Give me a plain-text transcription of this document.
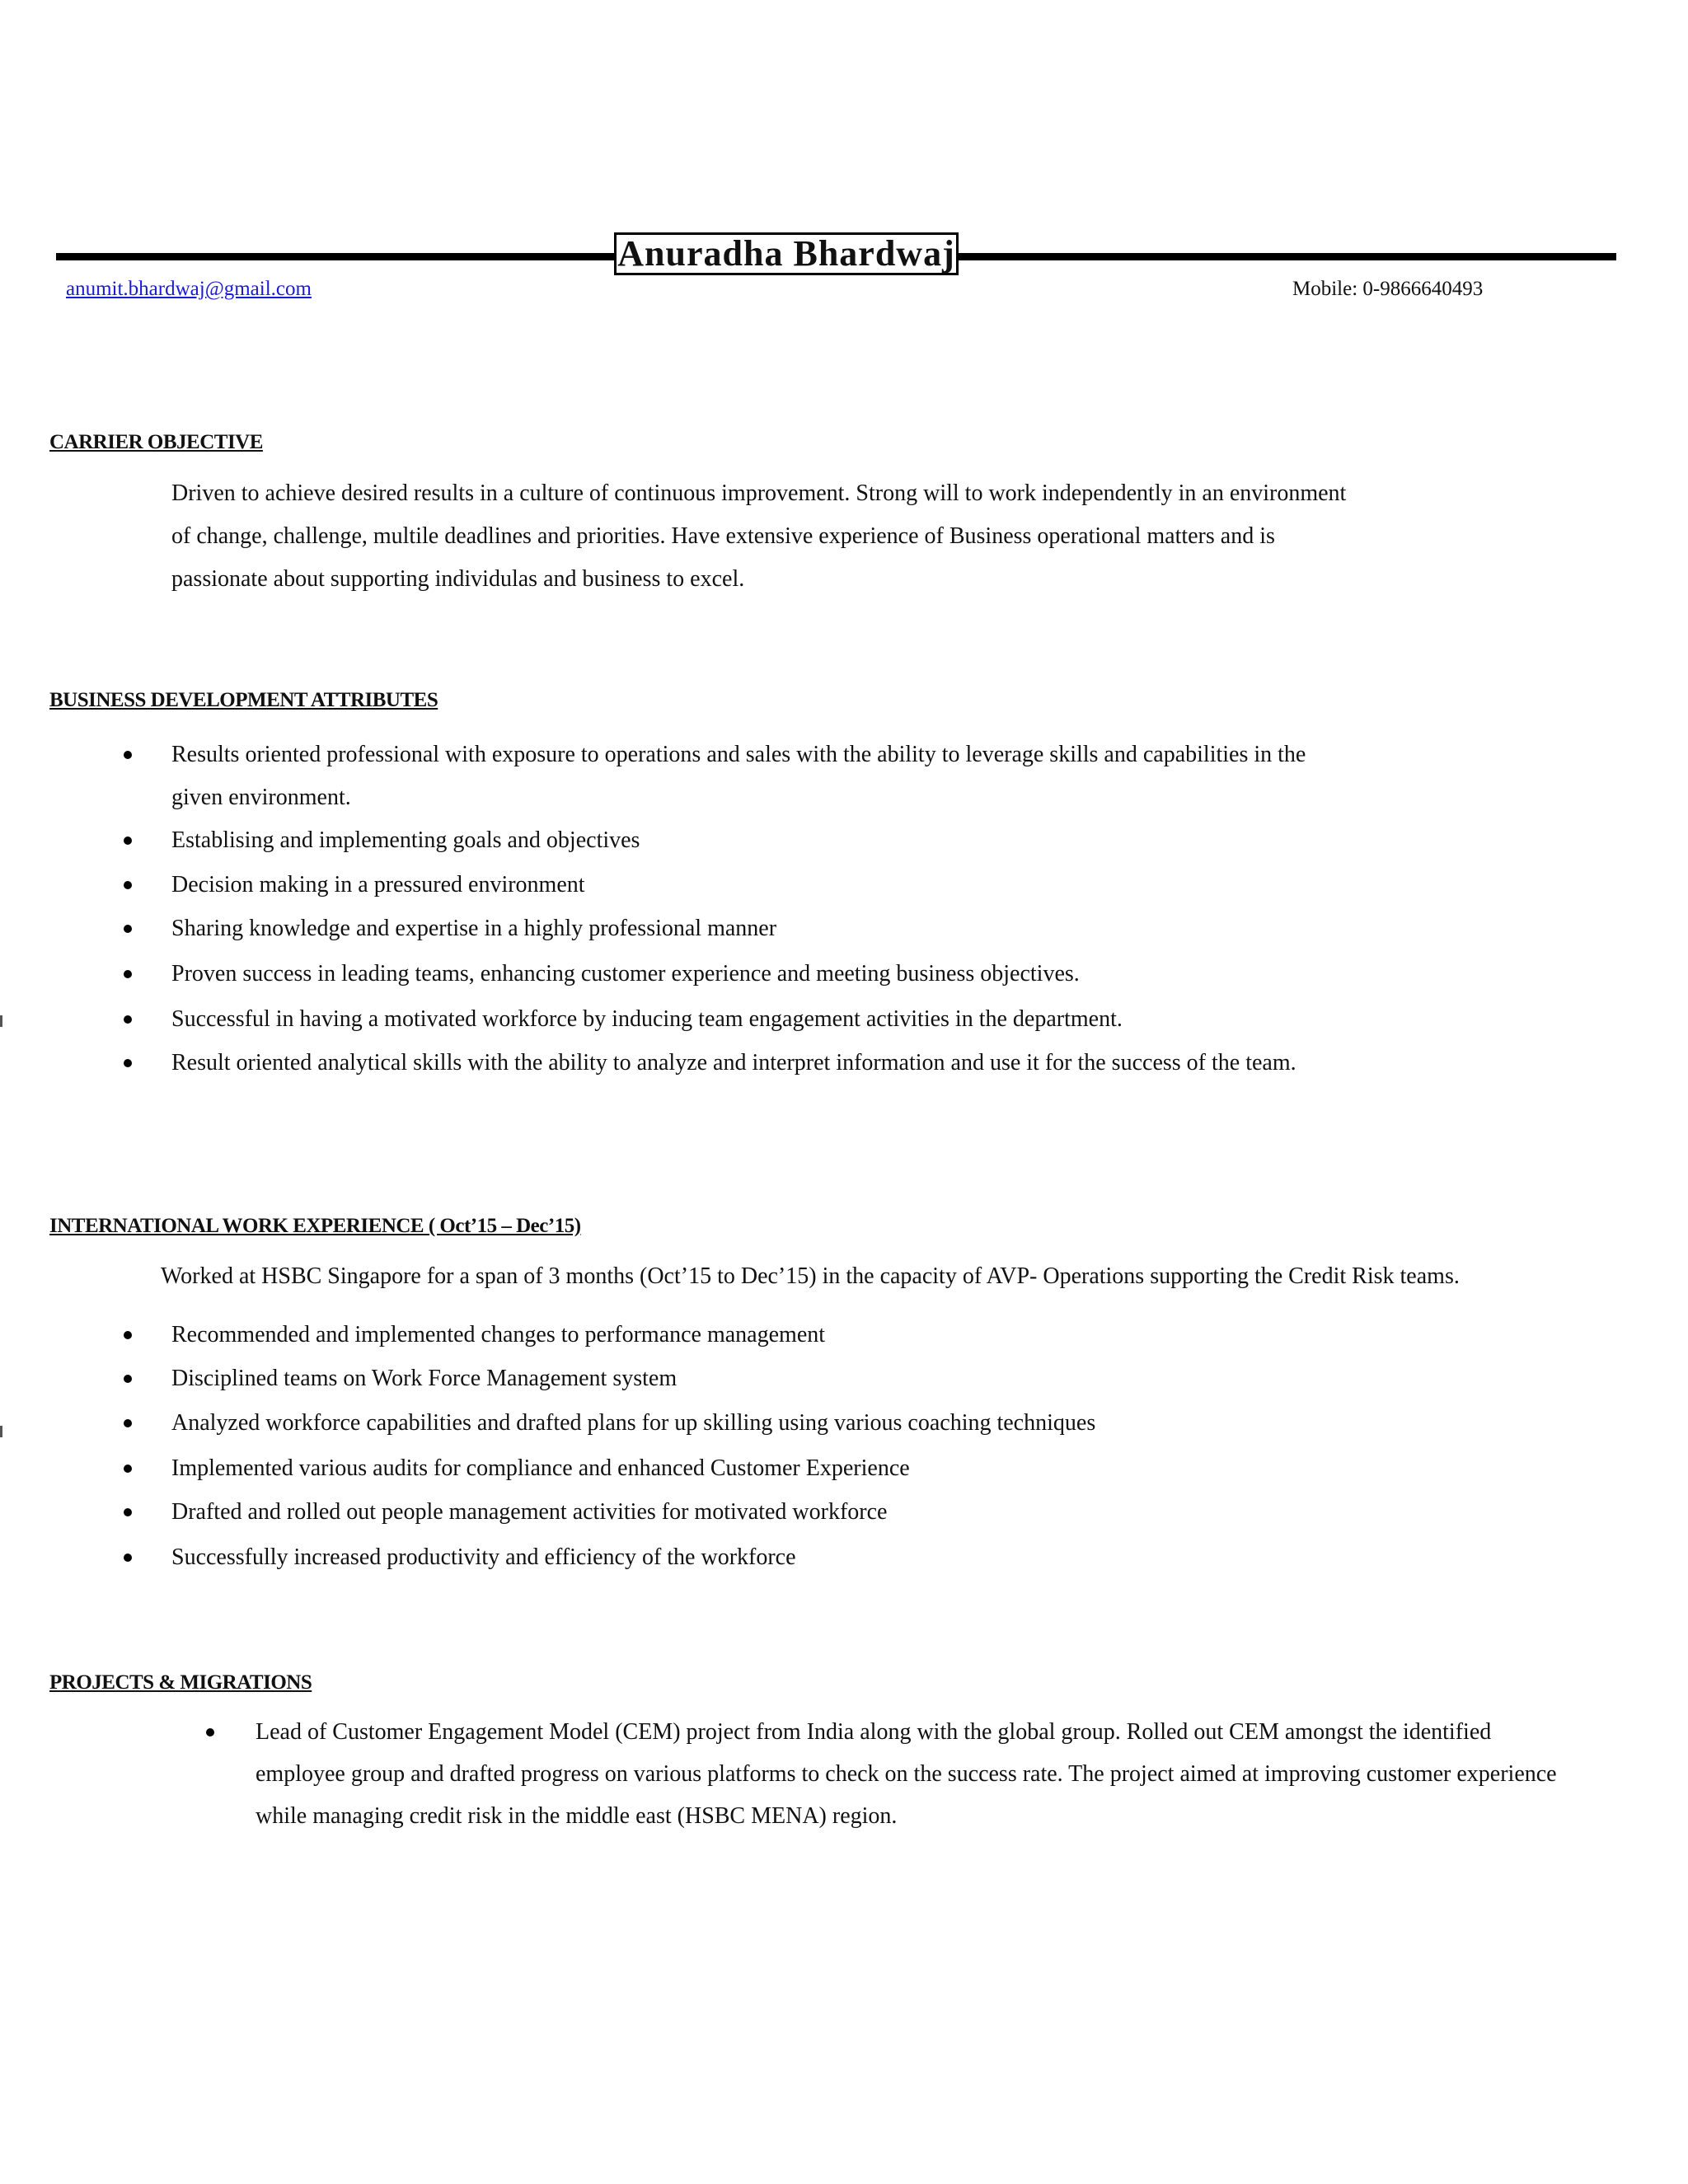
Anuradha Bhardwaj
anumit.bhardwaj@gmail.com	Mobile: 0-9866640493
CARRIER OBJECTIVE
Driven to achieve desired results in a culture of continuous improvement. Strong will to work independently in an environment
of change, challenge, multile deadlines and priorities. Have extensive experience of Business operational matters and is
passionate about supporting individulas and business to excel.
BUSINESS DEVELOPMENT ATTRIBUTES
Results oriented professional with exposure to operations and sales with the ability to leverage skills and capabilities in the
given environment.
Establising and implementing goals and objectives
Decision making in a pressured environment
Sharing knowledge and expertise in a highly professional manner
Proven success in leading teams, enhancing customer experience and meeting business objectives.
Successful in having a motivated workforce by inducing team engagement activities in the department.
Result oriented analytical skills with the ability to analyze and interpret information and use it for the success of the team.
INTERNATIONAL WORK EXPERIENCE ( Oct’15 – Dec’15)
Worked at HSBC Singapore for a span of 3 months (Oct’15 to Dec’15) in the capacity of AVP- Operations supporting the Credit Risk teams.
Recommended and implemented changes to performance management
Disciplined teams on Work Force Management system
Analyzed workforce capabilities and drafted plans for up skilling using various coaching techniques
Implemented various audits for compliance and enhanced Customer Experience
Drafted and rolled out people management activities for motivated workforce
Successfully increased productivity and efficiency of the workforce
PROJECTS & MIGRATIONS
Lead of Customer Engagement Model (CEM) project from India along with the global group. Rolled out CEM amongst the identified
employee group and drafted progress on various platforms to check on the success rate. The project aimed at improving customer experience
while managing credit risk in the middle east (HSBC MENA) region.
